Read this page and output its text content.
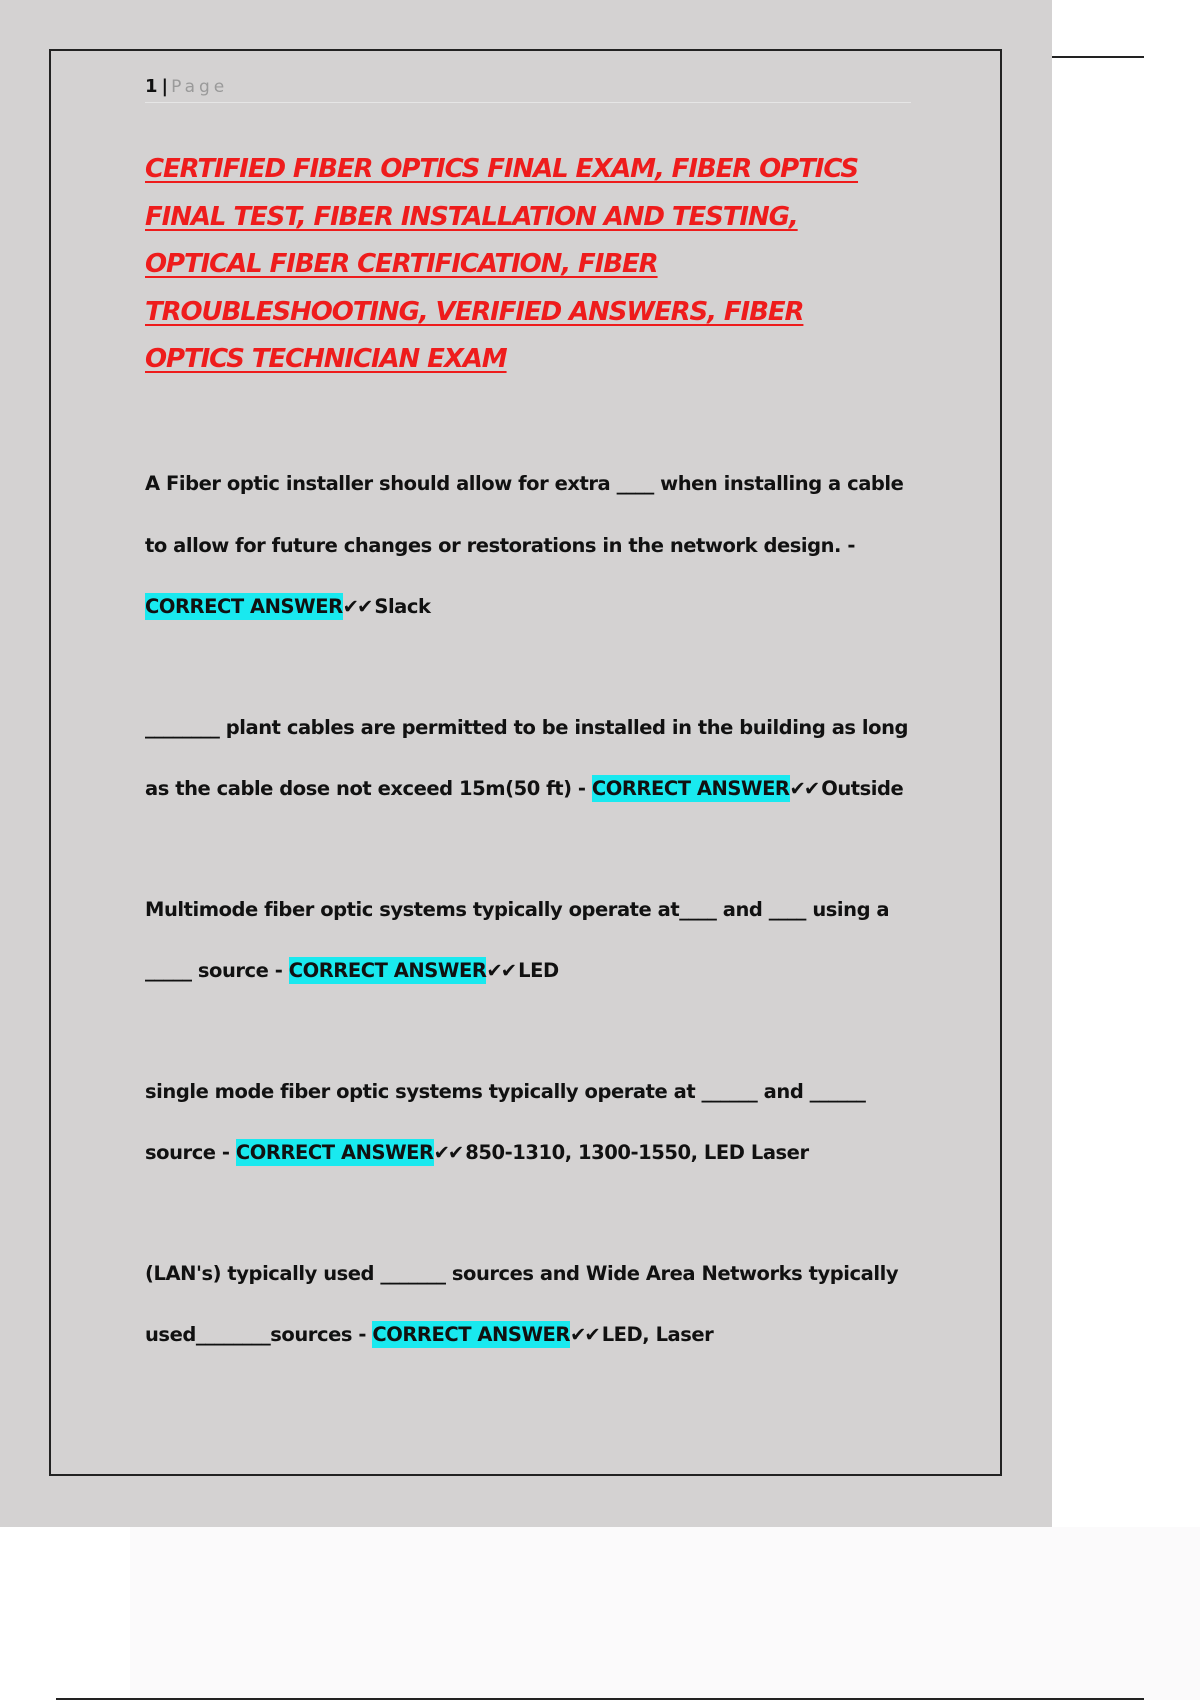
1 | Page
CERTIFIED FIBER OPTICS FINAL EXAM, FIBER OPTICS FINAL TEST, FIBER INSTALLATION AND TESTING, OPTICAL FIBER CERTIFICATION, FIBER TROUBLESHOOTING, VERIFIED ANSWERS, FIBER OPTICS TECHNICIAN EXAM

A Fiber optic installer should allow for extra ____ when installing a cable to allow for future changes or restorations in the network design. - CORRECT ANSWER✔✔ Slack

________ plant cables are permitted to be installed in the building as long as the cable dose not exceed 15m(50 ft) - CORRECT ANSWER✔✔ Outside

Multimode fiber optic systems typically operate at____ and ____ using a _____ source - CORRECT ANSWER✔✔ LED

single mode fiber optic systems typically operate at ______ and ______ source - CORRECT ANSWER✔✔ 850-1310, 1300-1550, LED Laser

(LAN's) typically used _______ sources and Wide Area Networks typically used________sources - CORRECT ANSWER✔✔ LED, Laser
